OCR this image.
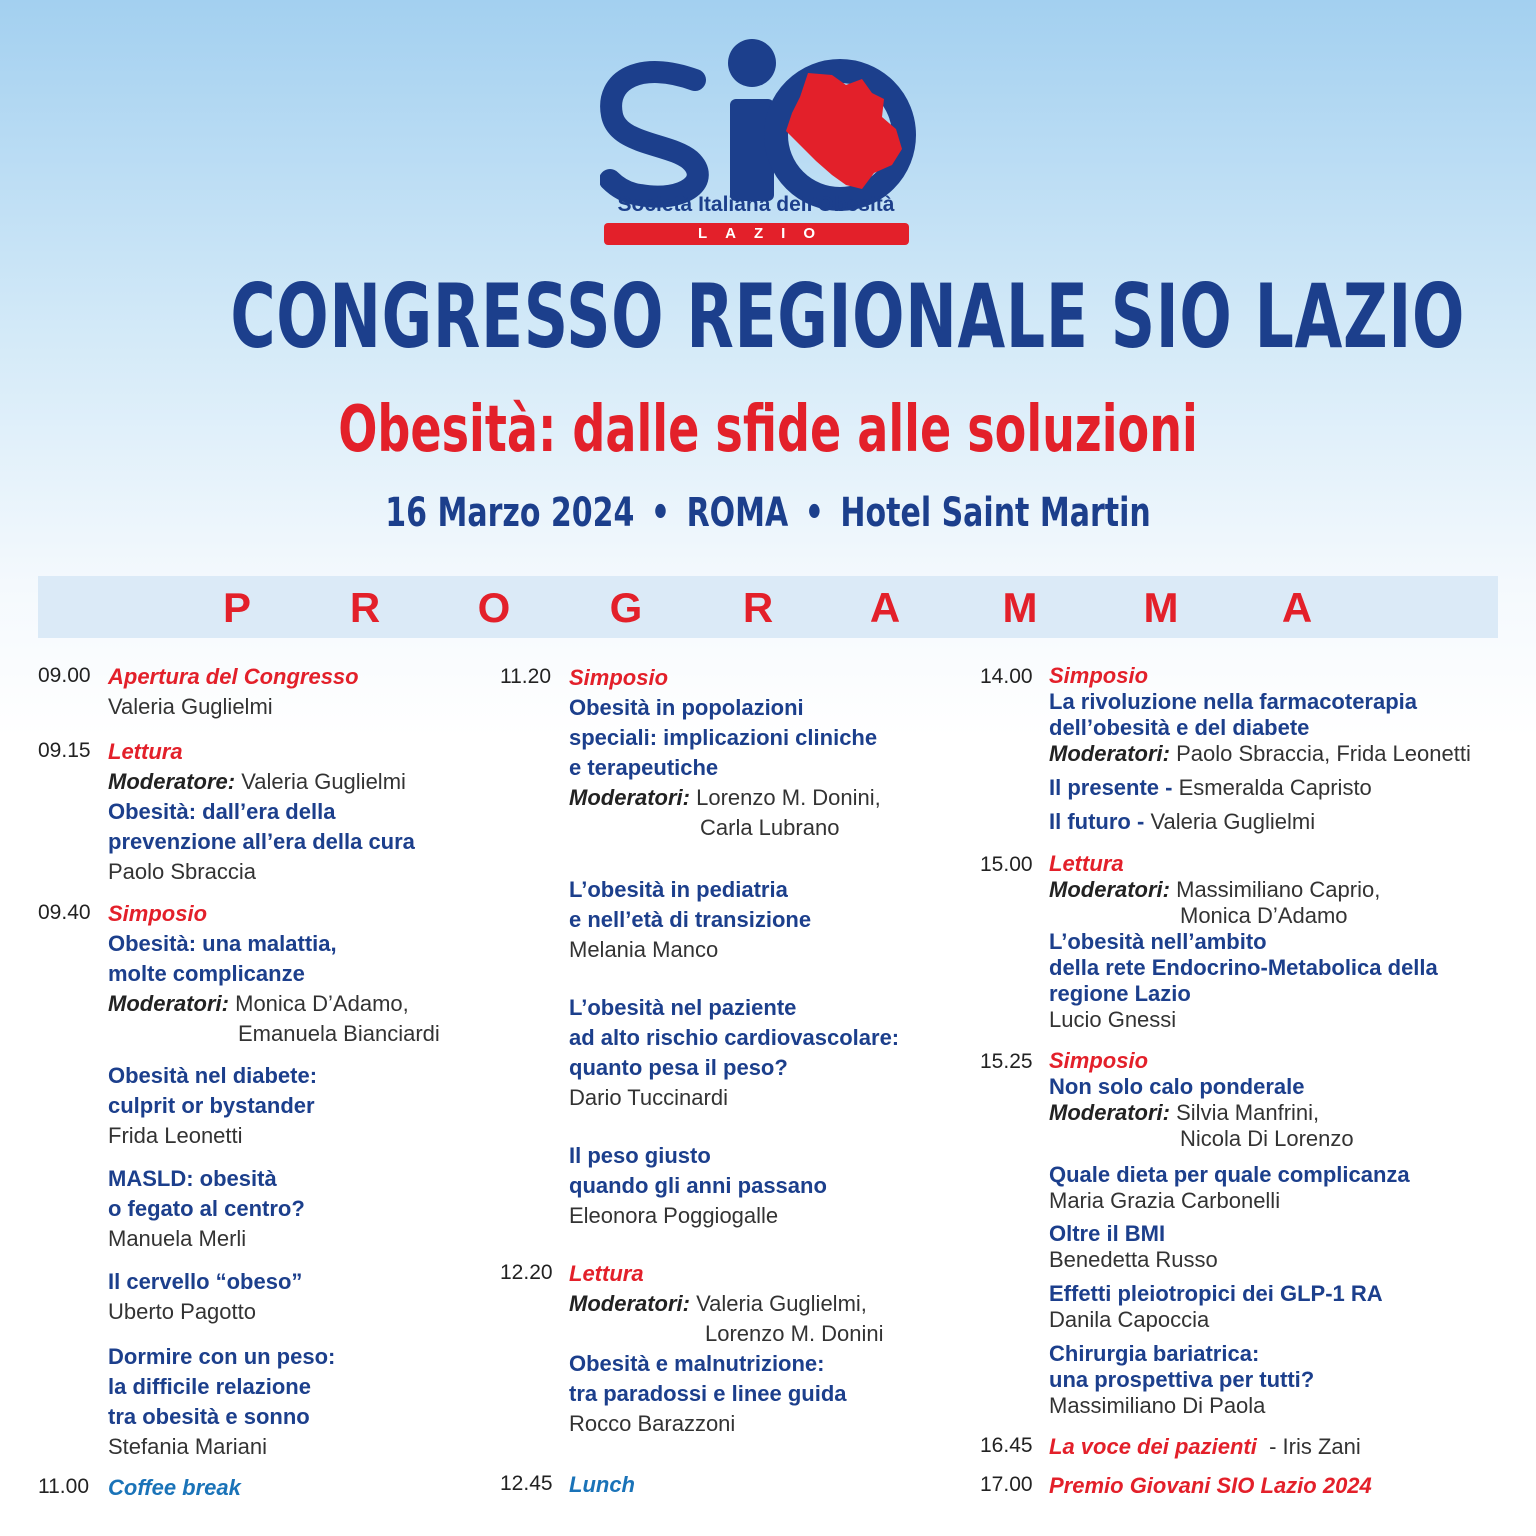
Società Italiana dell'Obesità
LAZIO
CONGRESSO REGIONALE SIO LAZIO
Obesità: dalle sfide alle soluzioni
16 Marzo 2024 • ROMA • Hotel Saint Martin
P R O G R A M	M A
09.00 Apertura del Congresso
Valeria Guglielmi
09.15 Lettura
Moderatore: Valeria Guglielmi
Obesità: dall’era della
prevenzione all’era della cura
Paolo Sbraccia
09.40 Simposio
Obesità: una malattia,
molte complicanze
Moderatori: Monica D’Adamo,
Emanuela Bianciardi
Obesità nel diabete:
culprit or bystander
Frida Leonetti
MASLD: obesità
o fegato al centro?
Manuela Merli
Il cervello “obeso”
Uberto Pagotto
Dormire con un peso:
la difficile relazione
tra obesità e sonno
Stefania Mariani
11.00 Coffee break
11.20 Simposio
Obesità in popolazioni
speciali: implicazioni cliniche
e terapeutiche
Moderatori: Lorenzo M. Donini,
Carla Lubrano
L’obesità in pediatria
e nell’età di transizione
Melania Manco
L’obesità nel paziente
ad alto rischio cardiovascolare:
quanto pesa il peso?
Dario Tuccinardi
Il peso giusto
quando gli anni passano
Eleonora Poggiogalle
12.20 Lettura
Moderatori: Valeria Guglielmi,
Lorenzo M. Donini
Obesità e malnutrizione:
tra paradossi e linee guida
Rocco Barazzoni
12.45 Lunch
14.00 Simposio
La rivoluzione nella farmacoterapia
dell’obesità e del diabete
Moderatori: Paolo Sbraccia, Frida Leonetti
Il presente - Esmeralda Capristo
Il futuro - Valeria Guglielmi
15.00 Lettura
Moderatori: Massimiliano Caprio,
Monica D’Adamo
L’obesità nell’ambito
della rete Endocrino-Metabolica della
regione Lazio
Lucio Gnessi
15.25 Simposio
Non solo calo ponderale
Moderatori: Silvia Manfrini,
Nicola Di Lorenzo
Quale dieta per quale complicanza
Maria Grazia Carbonelli
Oltre il BMI
Benedetta Russo
Effetti pleiotropici dei GLP-1 RA
Danila Capoccia
Chirurgia bariatrica:
una prospettiva per tutti?
Massimiliano Di Paola
16.45 La voce dei pazienti - Iris Zani
17.00 Premio Giovani SIO Lazio 2024
